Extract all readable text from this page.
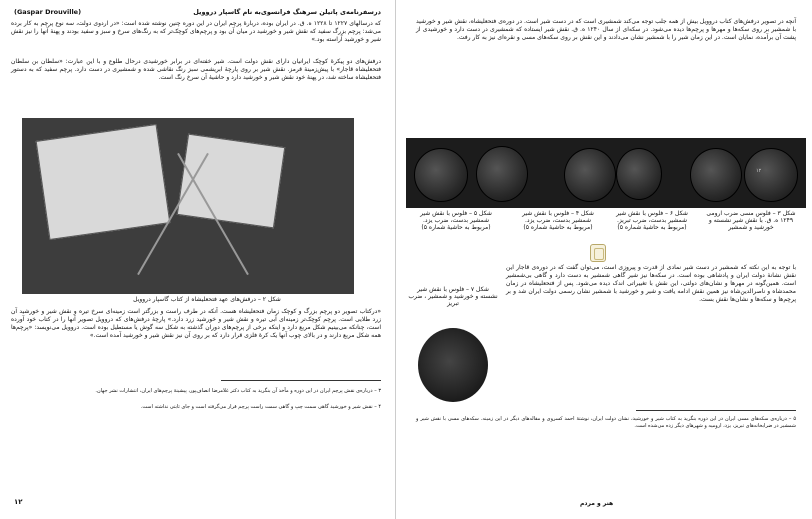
درسفرنامه‌ی پاتیلن سرهنگ فرانسوی‌به‌ نام گاسپار دروویل
(Gaspar Drouville)

که درسالهای ۱۲۲۷ تا ۱۲۲۸ ه. ق. در ایران بوده، دربارهٔ پرچم ایران در این دوره چنین نوشته شده است: «در اردوی دولت، سه نوع پرچم به کار برده می‌شد: پرچم بزرگ سفید که نقش شیر و خورشید در میان آن بود و پرچم‌های کوچک‌تر که به رنگ‌های سرخ و سبز و سفید بودند و پهنهٔ آنها را نیز نقش شیر و خورشید آراسته بود.»

درفش‌های دو پیکرهٔ کوچک ایرانیان دارای نقش دولت است. شیر خفته‌ای در برابر خورشیدی درحال طلوع و با این عبارت: «سلطان بن سلطان فتحعلیشاه قاجار» با پیش‌زمینهٔ قرمز. نقش شیر بر روی پارچهٔ ابریشمی سبز رنگ نقاشی شده و شمشیری در دست دارد. پرچم سفید که به دستور فتحعلیشاه ساخته شد، در پهنهٔ خود نقش شیر و خورشید دارد و حاشیهٔ آن سرخ رنگ است.

شکل ۲ – درفش‌های عهد فتحعلیشاه از کتاب گاسپار دروویل

«درکتاب تصویر دو پرچم بزرگ و کوچک زمان فتحعلیشاه هست. آنکه در طرف راست و بزرگتر است زمینه‌ای سرخ تیره و نقش شیر و خورشید آن زرد طلایی است. پرچم کوچک‌تر زمینه‌ای آبی تیره و نقش شیر و خورشید زرد دارد.» پارچهٔ درفش‌های که دروویل تصویر آنها را در کتاب خود آورده است، چنانکه می‌بینیم شکل مربع دارد و اینکه برخی از پرچم‌های دوران گذشته به شکل سه گوش یا مستطیل بوده است. دروویل می‌نویسد: «پرچم‌ها همه شکل مربع دارند و در بالای چوب آنها یک کرهٔ فلزی قرار دارد که بر روی آن نیز نقش شیر و خورشید آمده است.»

۳ – درباره‌ی نقش پرچم ایران در این دوره و مآخذ آن بنگرید به کتاب دکتر غلامرضا انصاف‌پور، پیشینهٔ پرچم‌های ایران، انتشارات نشر جهان.

۴ – نقش شیر و خورشید گاهی سمت چپ و گاهی سمت راست پرچم قرار می‌گرفته است و جای ثابتی نداشته است.

۱۲

آنچه در تصویر درفش‌های کتاب دروویل بیش از همه جلب توجه می‌کند شمشیری است که در دست شیر است. در دوره‌ی فتحعلیشاه، نقش شیر و خورشید با شمشیر بر روی سکه‌ها و مهرها و پرچم‌ها دیده می‌شود. در سکه‌ای از سال ۱۲۴۰ ه. ق. نقش شیر ایستاده که شمشیری در دست دارد و خورشیدی از پشت آن برآمده، نمایان است. در این زمان شیر را با شمشیر نشان می‌دادند و این نقش بر روی سکه‌های مسی و نقره‌ای نیز به کار رفت.

۱۲
شکل ۵ – فلوس با نقش شیر شمشیر بدست، ضرب یزد. (مربوط به حاشیهٔ شماره ۵)
شکل ۴ – فلوس با نقش شیر شمشیر بدست، ضرب یزد. (مربوط به حاشیهٔ شماره ۵)
شکل ۶ – فلوس با نقش شیر شمشیر بدست، ضرب تبریز. (مربوط به حاشیهٔ شماره ۵)
شکل ۳ – فلوس مسی ضرب ارومی ۱۲۴۹ ه. ق. با نقش شیر نشسته و خورشید و شمشیر

با توجه به این نکته که شمشیر در دست شیر نمادی از قدرت و پیروزی است، می‌توان گفت که در دوره‌ی قاجار این نقش نشانهٔ دولت ایران و پادشاهی بوده است. در سکه‌ها نیز شیر گاهی شمشیر به دست دارد و گاهی بی‌شمشیر است. همین‌گونه در مهرها و نشان‌های دولتی، این نقش با تغییراتی اندک دیده می‌شود. پس از فتحعلیشاه در زمان محمدشاه و ناصرالدین‌شاه نیز همین نقش ادامه یافت و شیر و خورشید با شمشیر نشان رسمی دولت ایران شد و بر پرچم‌ها و سکه‌ها و نشان‌ها نقش بست.

شکل ۷ – فلوس با نقش شیر نشسته و خورشید و شمشیر ، ضرب تبریز

۵ – درباره‌ی سکه‌های مسی ایران در این دوره بنگرید به کتاب شیر و خورشید، نشان دولت ایران، نوشتهٔ احمد کسروی و مقاله‌های دیگر در این زمینه. سکه‌های مسی با نقش شیر و شمشیر در ضرابخانه‌های تبریز، یزد، ارومیه و شهرهای دیگر زده می‌شده است.

هنر و مردم
